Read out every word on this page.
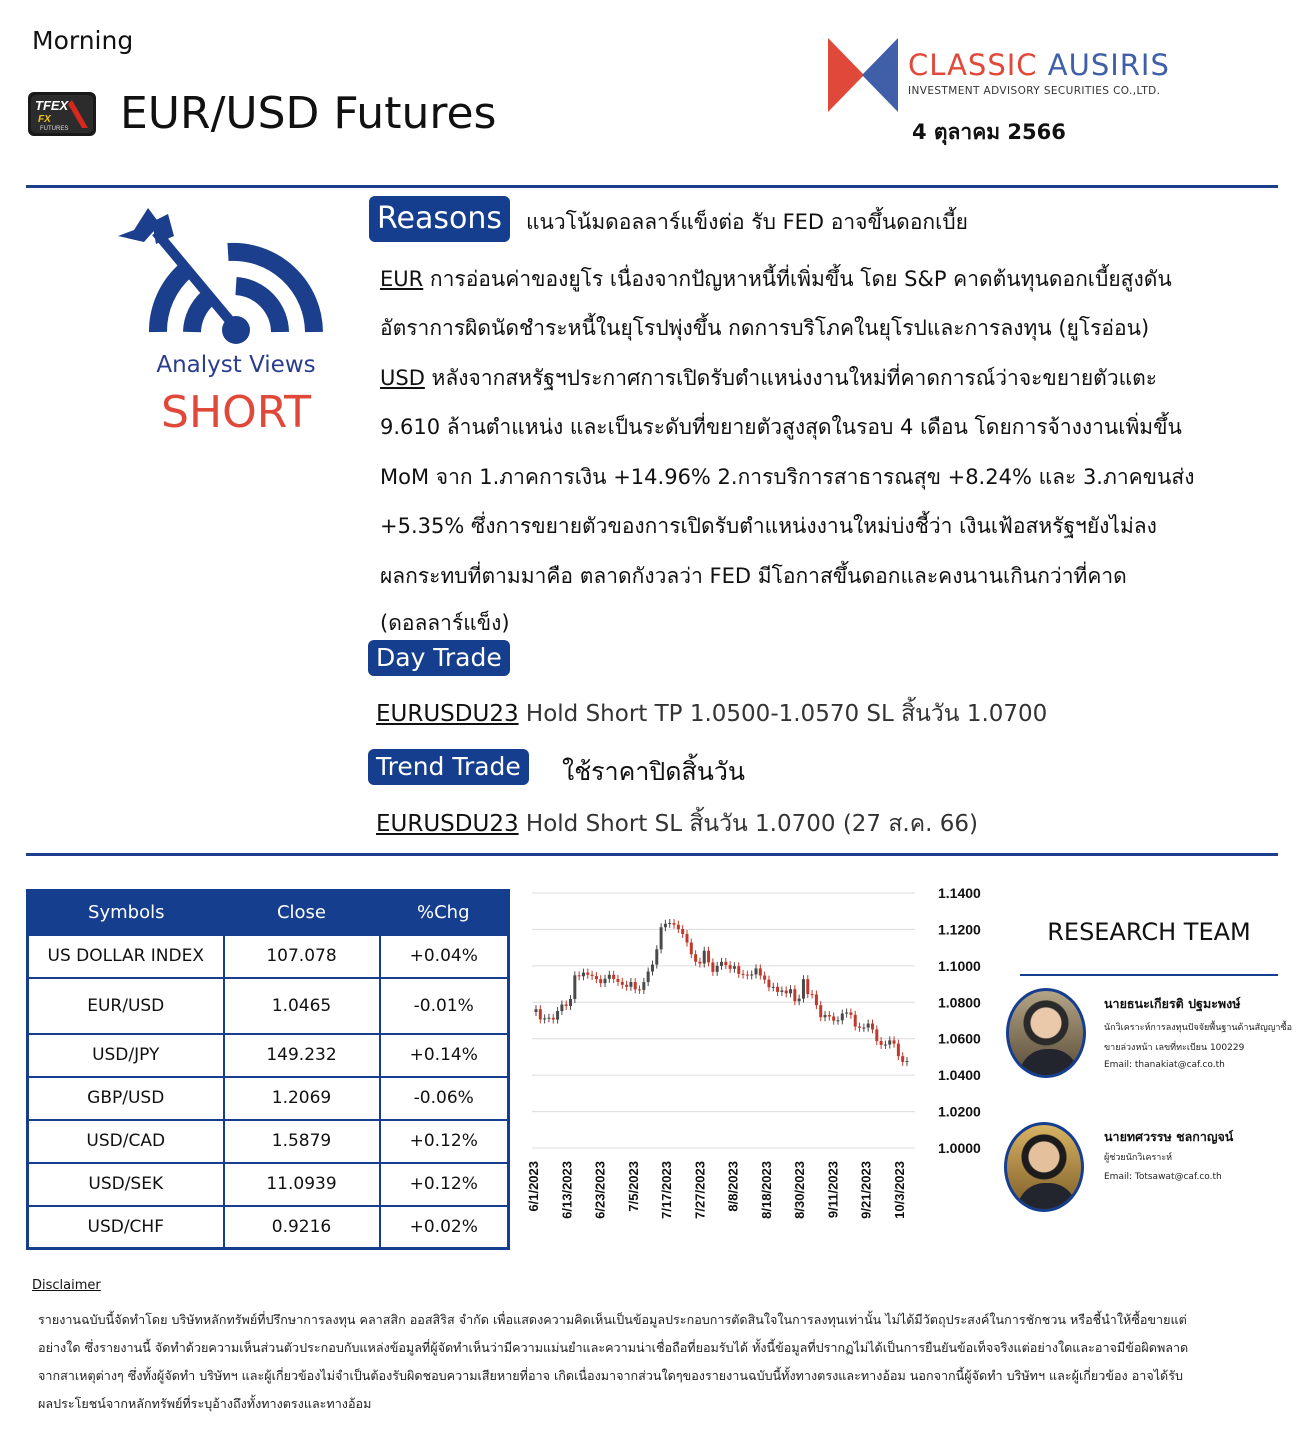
Morning
TFEX
FX
FUTURES EUR/USD Futures
CLASSIC AUSIRIS
INVESTMENT ADVISORY SECURITIES CO.,LTD.
4 ตุลาคม 2566
Analyst Views
SHORT
Reasons	แนวโน้มดอลลาร์แข็งต่อ รับ FED อาจขึ้นดอกเบี้ย
EUR การอ่อนค่าของยูโร เนื่องจากปัญหาหนี้ที่เพิ่มขึ้น โดย S&P คาดต้นทุนดอกเบี้ยสูงดัน
อัตราการผิดนัดชำระหนี้ในยุโรปพุ่งขึ้น กดการบริโภคในยุโรปและการลงทุน (ยูโรอ่อน)
USD หลังจากสหรัฐฯประกาศการเปิดรับตำแหน่งงานใหม่ที่คาดการณ์ว่าจะขยายตัวแตะ
9.610 ล้านตำแหน่ง และเป็นระดับที่ขยายตัวสูงสุดในรอบ 4 เดือน โดยการจ้างงานเพิ่มขึ้น
MoM จาก 1.ภาคการเงิน +14.96% 2.การบริการสาธารณสุข +8.24% และ 3.ภาคขนส่ง
+5.35% ซึ่งการขยายตัวของการเปิดรับตำแหน่งงานใหม่บ่งชี้ว่า เงินเฟ้อสหรัฐฯยังไม่ลง
ผลกระทบที่ตามมาคือ ตลาดกังวลว่า FED มีโอกาสขึ้นดอกและคงนานเกินกว่าที่คาด
(ดอลลาร์แข็ง)
Day Trade
EURUSDU23 Hold Short TP 1.0500-1.0570 SL สิ้นวัน 1.0700
Trend Trade	ใช้ราคาปิดสิ้นวัน
EURUSDU23 Hold Short SL สิ้นวัน 1.0700 (27 ส.ค. 66)
Symbols	Close	%Chg
US DOLLAR INDEX	107.078	+0.04%
EUR/USD	1.0465	-0.01%
USD/JPY	149.232	+0.14%
GBP/USD	1.2069	-0.06%
USD/CAD	1.5879	+0.12%
USD/SEK	11.0939	+0.12%
USD/CHF	0.9216	+0.02%
1.1400
1.1200
1.1000
1.0800
1.0600
1.0400
1.0200
1.0000
6/1/2023 6/13/2023 6/23/2023 7/5/2023 7/17/2023 7/27/2023 8/8/2023 8/18/2023 8/30/2023 9/11/2023 9/21/2023 10/3/2023
RESEARCH TEAM
นายธนะเกียรติ ปฐมะพงษ์
นักวิเคราะห์การลงทุนปัจจัยพื้นฐานด้านสัญญาซื้อ
ขายล่วงหน้า เลขที่ทะเบียน 100229
Email: thanakiat@caf.co.th
นายทศวรรษ ชลกาญจน์
ผู้ช่วยนักวิเคราะห์
Email: Totsawat@caf.co.th
Disclaimer
รายงานฉบับนี้จัดทำโดย บริษัทหลักทรัพย์ที่ปรึกษาการลงทุน คลาสสิก ออสสิริส จำกัด เพื่อแสดงความคิดเห็นเป็นข้อมูลประกอบการตัดสินใจในการลงทุนเท่านั้น ไม่ได้มีวัตถุประสงค์ในการชักชวน หรือชี้นำให้ซื้อขายแต่
อย่างใด ซึ่งรายงานนี้ จัดทำด้วยความเห็นส่วนตัวประกอบกับแหล่งข้อมูลที่ผู้จัดทำเห็นว่ามีความแม่นยำและความน่าเชื่อถือที่ยอมรับได้ ทั้งนี้ข้อมูลที่ปรากฏไม่ได้เป็นการยืนยันข้อเท็จจริงแต่อย่างใดและอาจมีข้อผิดพลาด
จากสาเหตุต่างๆ ซึ่งทั้งผู้จัดทำ บริษัทฯ และผู้เกี่ยวข้องไม่จำเป็นต้องรับผิดชอบความเสียหายที่อาจ เกิดเนื่องมาจากส่วนใดๆของรายงานฉบับนี้ทั้งทางตรงและทางอ้อม นอกจากนี้ผู้จัดทำ บริษัทฯ และผู้เกี่ยวข้อง อาจได้รับ
ผลประโยชน์จากหลักทรัพย์ที่ระบุอ้างถึงทั้งทางตรงและทางอ้อม
